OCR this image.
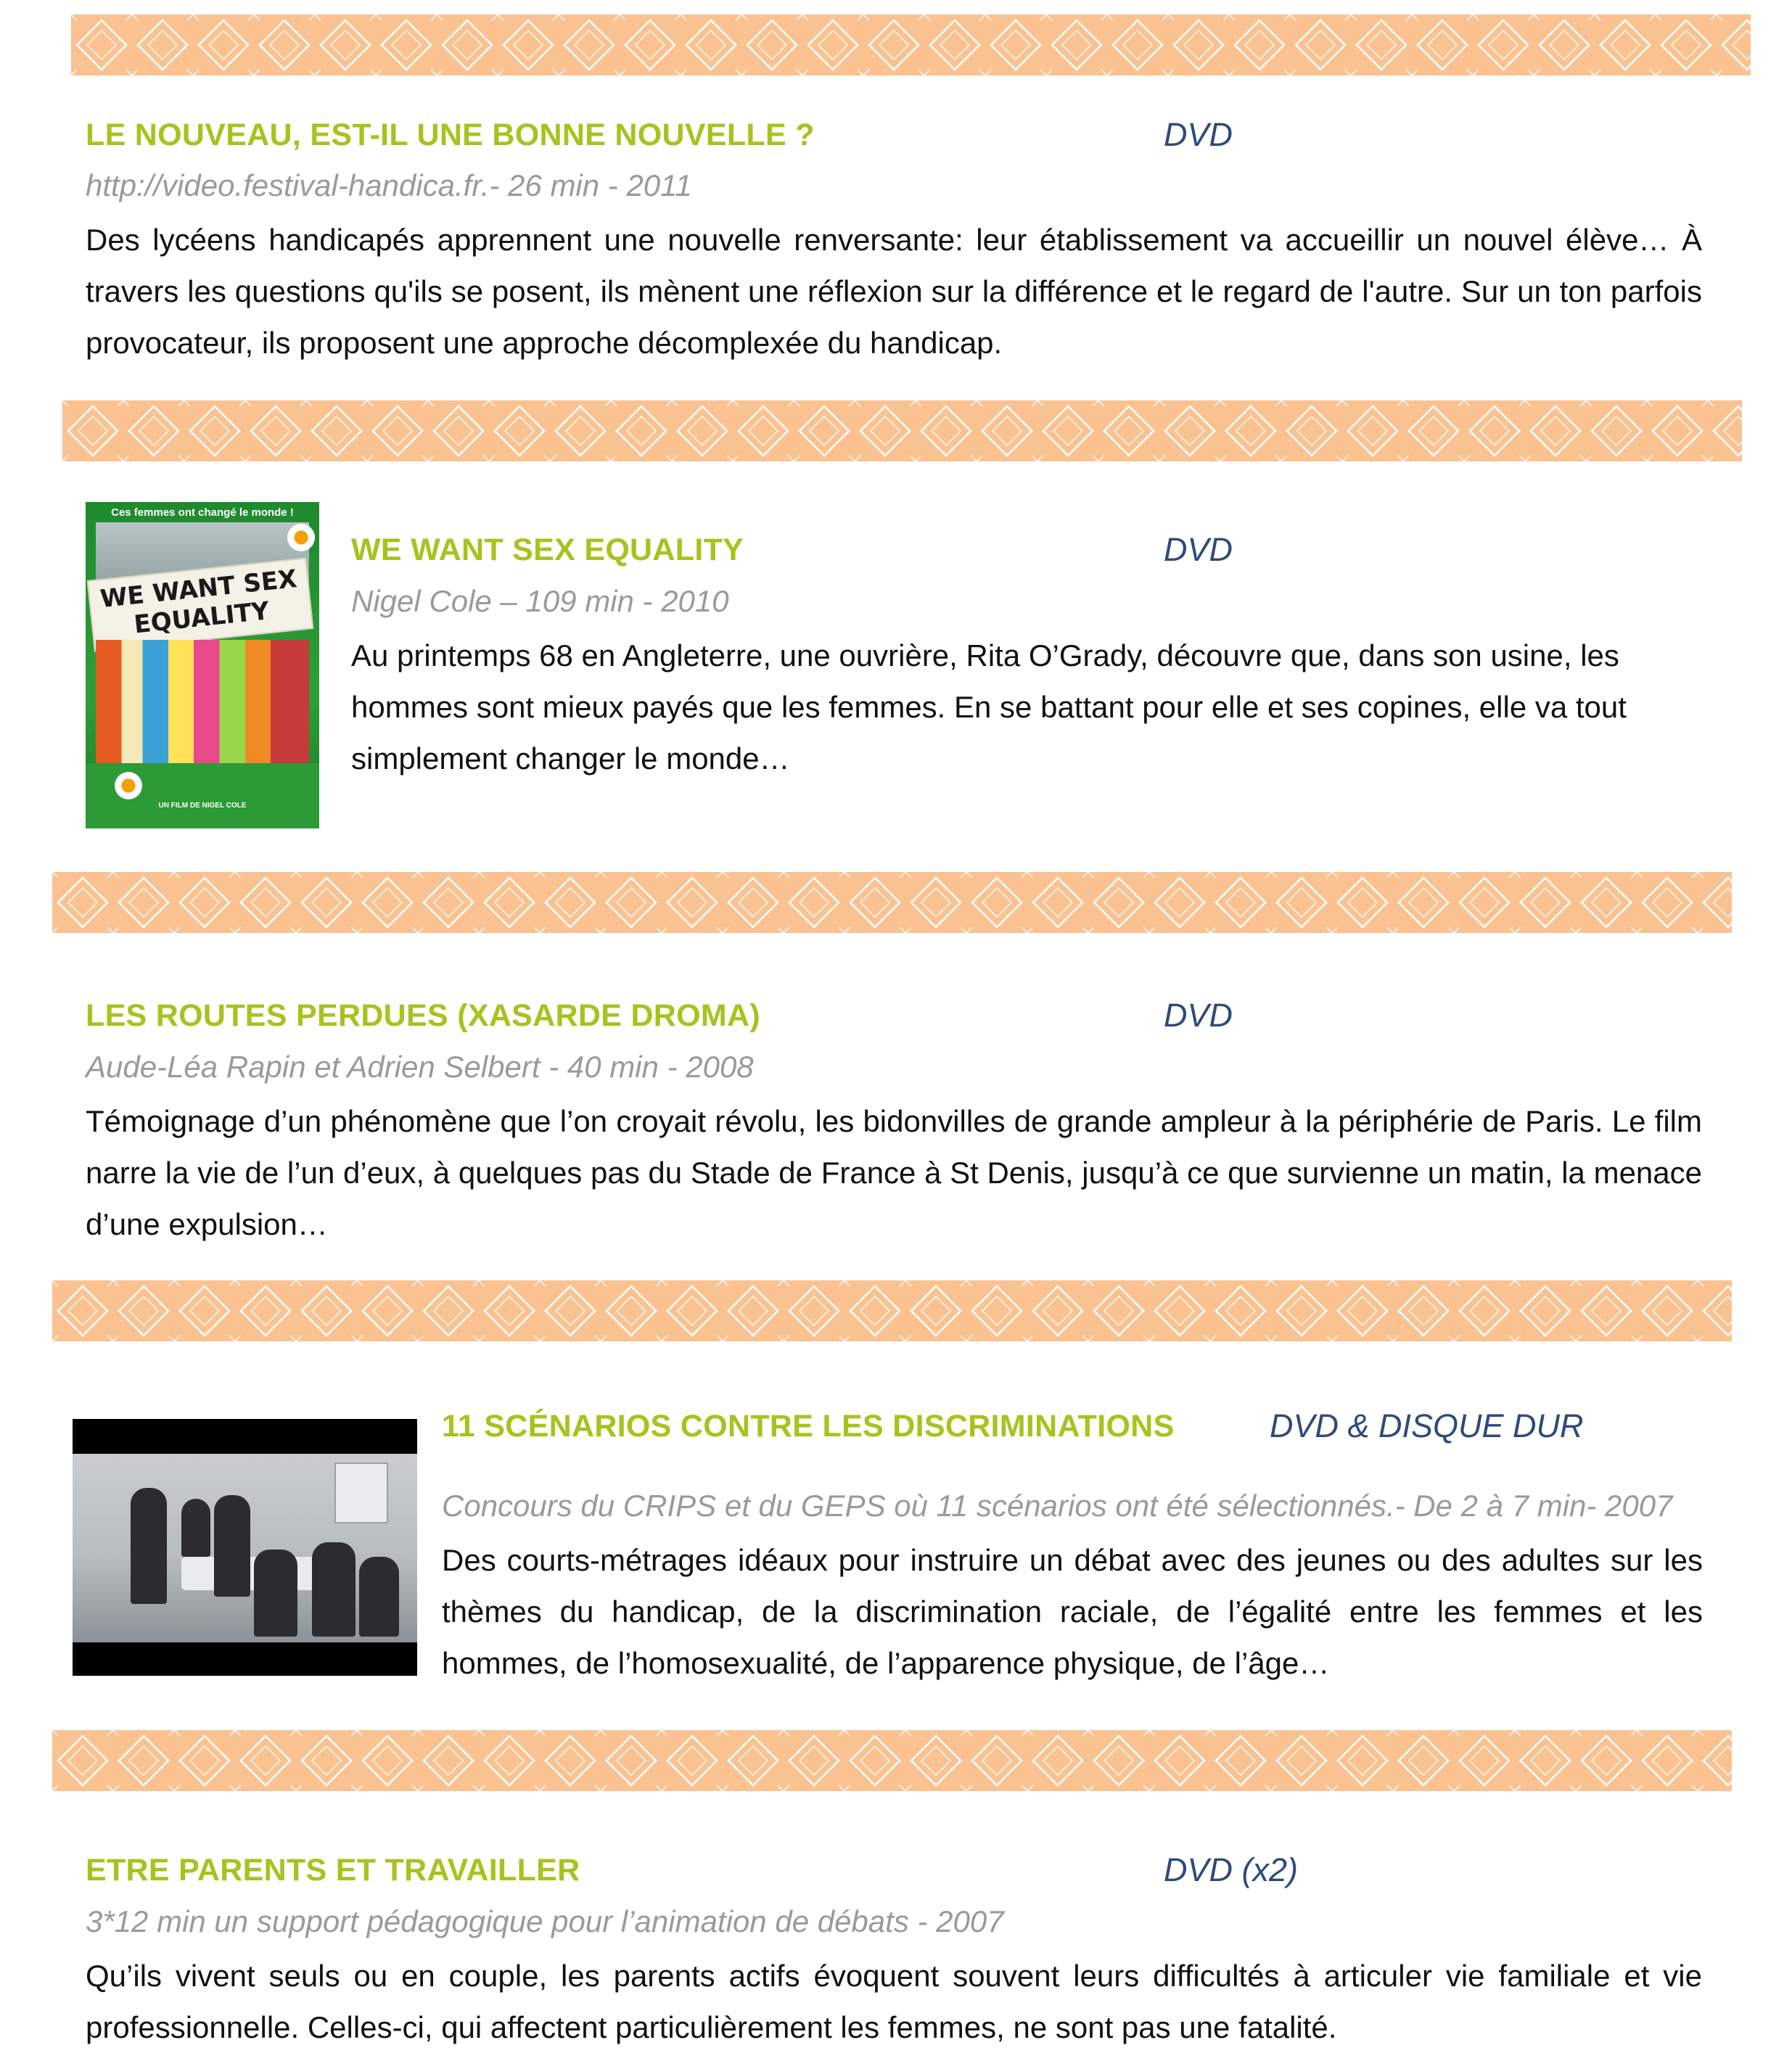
LE NOUVEAU, EST-IL UNE BONNE NOUVELLE ?	DVD
http://video.festival-handica.fr.- 26 min - 2011
Des lycéens handicapés apprennent une nouvelle renversante: leur établissement va accueillir un nouvel élève… À travers les questions qu'ils se posent, ils mènent une réflexion sur la différence et le regard de l'autre. Sur un ton parfois provocateur, ils proposent une approche décomplexée du handicap.
Ces femmes ont changé le monde !
WE WANT SEX EQUALITY
UN FILM DE NIGEL COLE
WE WANT SEX EQUALITY	DVD
Nigel Cole – 109 min - 2010
Au printemps 68 en Angleterre, une ouvrière, Rita O’Grady, découvre que, dans son usine, les hommes sont mieux payés que les femmes. En se battant pour elle et ses copines, elle va tout simplement changer le monde…
LES ROUTES PERDUES (XASARDE DROMA)	DVD
Aude-Léa Rapin et Adrien Selbert - 40 min - 2008
Témoignage d’un phénomène que l’on croyait révolu, les bidonvilles de grande ampleur à la périphérie de Paris. Le film narre la vie de l’un d’eux, à quelques pas du Stade de France à St Denis, jusqu’à ce que survienne un matin, la menace d’une expulsion…
11 SCÉNARIOS CONTRE LES DISCRIMINATIONS	DVD & DISQUE DUR
Concours du CRIPS et du GEPS où 11 scénarios ont été sélectionnés.- De 2 à 7 min- 2007
Des courts-métrages idéaux pour instruire un débat avec des jeunes ou des adultes sur les thèmes du handicap, de la discrimination raciale, de l’égalité entre les femmes et les hommes, de l’homosexualité, de l’apparence physique, de l’âge…
ETRE PARENTS ET TRAVAILLER	DVD (x2)
3*12 min un support pédagogique pour l’animation de débats - 2007
Qu’ils vivent seuls ou en couple, les parents actifs évoquent souvent leurs difficultés à articuler vie familiale et vie professionnelle. Celles-ci, qui affectent particulièrement les femmes, ne sont pas une fatalité.
